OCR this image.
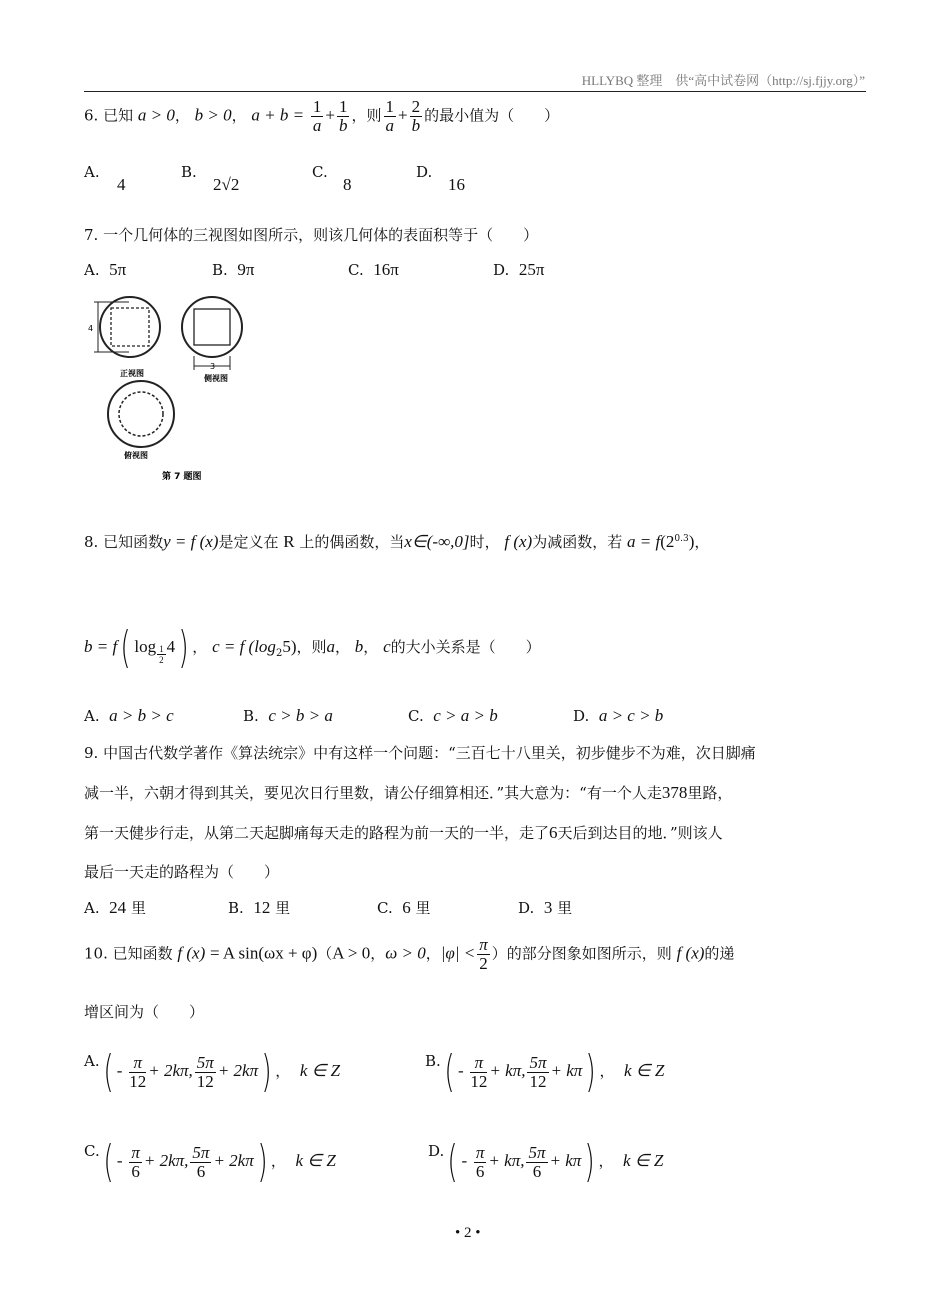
HLLYBQ 整理　供“高中试卷网（http://sj.fjjy.org）”
6. 已知 a > 0， b > 0， $a + b = \frac{1}{a} + \frac{1}{b}$ ，则 $\frac{1}{a} + \frac{2}{b}$ 的最小值为（　　）
A.
4
B.
2√2
C.
8
D.
16
7. 一个几何体的三视图如图所示，则该几何体的表面积等于（　　）
A. 5π	B. 9π	C. 16π	D. 25π
4
正视图
3
侧视图
俯视图
第 7 题图
8. 已知函数y = f (x)是定义在 R 上的偶函数，当x∈(-∞,0]时， f (x)为减函数，若 $a = f(2^{0.3})$，
b = f( $\log \frac{1}{2} 4$) ， c = f $(\log_25)$，则a， b， c的大小关系是（　　）
A. a > b > c	B. c > b > a	C. c > a > b	D. a > c > b
9. 中国古代数学著作《算法统宗》中有这样一个问题：“三百七十八里关，初步健步不为难，次日脚痛
减一半，六朝才得到其关，要见次日行里数，请公仔细算相还．”其大意为：“有一个人走378里路，
第一天健步行走，从第二天起脚痛每天走的路程为前一天的一半，走了6天后到达目的地．”则该人
最后一天走的路程为（　　）
A. 24 里	B. 12 里	C. 6 里	D. 3 里
10. 已知函数 f (x) = A sin(ωx + φ)（A > 0，ω > 0，$|\varphi| < \frac{\pi}{2}$ ）的部分图象如图所示，则 f (x)的递
增区间为（　　）
$A.( - \frac{\pi}{12} + 2k\pi$, $\frac{5\pi}{12} + 2k\pi$) ，  k ∈ Z	$B.( - \frac{\pi}{12} + k\pi$, $\frac{5\pi}{12} + k\pi$) ，  k ∈ Z
$C.( - \frac{\pi}{6} + 2k\pi$, $\frac{5\pi}{6} + 2k\pi$) ，  k ∈ Z	$D.( - \frac{\pi}{6} + k\pi$, $\frac{5\pi}{6} + k\pi$) ，  k ∈ Z
• 2 •
